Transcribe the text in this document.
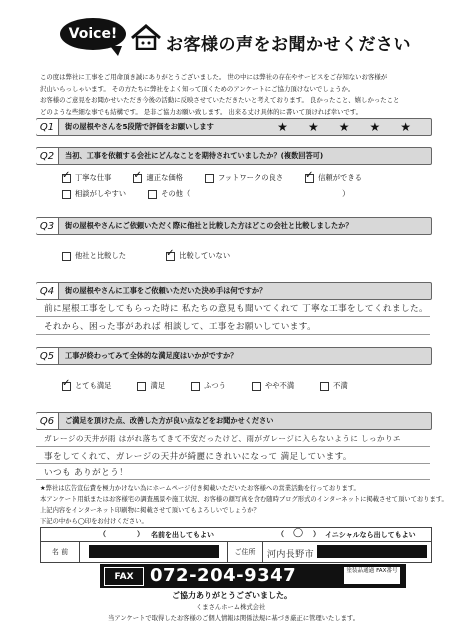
Voice!
お客様の声をお聞かせください
この度は弊社に工事をご用命頂き誠にありがとうございました。 世の中には弊社の存在やサービスをご存知ないお客様が
沢山いらっしゃいます。 その方たちに弊社をよく知って頂くためのアンケートにご協力頂けないでしょうか。
お客様のご意見をお聞かせいただき今後の活動に反映させていただきたいと考えております。 良かったこと、嬉しかったこと
どのような些細な事でも結構です。 是非ご協力お願い致します。 出来る丈け具体的に書いて頂ければ幸いです。
Q1	街の屋根やさんを5段階で評価をお願いします	★ ★ ★ ★ ★
Q2	当初、工事を依頼する会社にどんなことを期待されていましたか？(複数回答可)
✓
丁寧な仕事 ✓	適正な価格	フットワークの良さ ✓	信頼ができる
相談がしやすい	その他（	）
Q3	街の屋根やさんにご依頼いただく際に他社と比較した方はどこの会社と比較しましたか？
他社と比較した ✓	比較していない
Q4	街の屋根やさんに工事をご依頼いただいた決め手は何ですか？
前に屋根工事をしてもらった時に 私たちの意見も聞いてくれて 丁寧な工事をしてくれました。
それから、困った事があれば 相談して、工事をお願いしています。
Q5	工事が終わってみて全体的な満足度はいかがですか？
✓
とても満足	満足	ふつう	やや不満	不満
Q6	ご満足を頂けた点、改善した方が良い点などをお聞かせください
ガレージの天井が雨 はがれ落ちてきて不安だったけど、雨がガレージに入らないように しっかりエ
事をしてくれて、ガレージの天井が綺麗にきれいになって 満足しています。
いつも ありがとう！
★弊社は広告宣伝費を極力かけない為にホームページ付き掲載いただいたお客様への営業活動を行っております。
本アンケート用紙またはお客様宅の調査風景や施工状況、お客様の顔写真を含む随時ブログ形式のインターネットに掲載させて頂いております。
上記内容をインターネット印刷物に掲載させて頂いてもよろしいでしょうか？
下記の中から◯印をお付けください。
（	） 名前を出してもよい	（ ◯ ） イニシャルなら出してもよい
名 前	ご住所	河内長野市
FAX 072-204-9347	塗装品通過 FAX番号
ご協力ありがとうございました。
くまさんホーム株式会社
当アンケートで取得したお客様のご個人情報は関係法規に基づき厳正に管理いたします。
